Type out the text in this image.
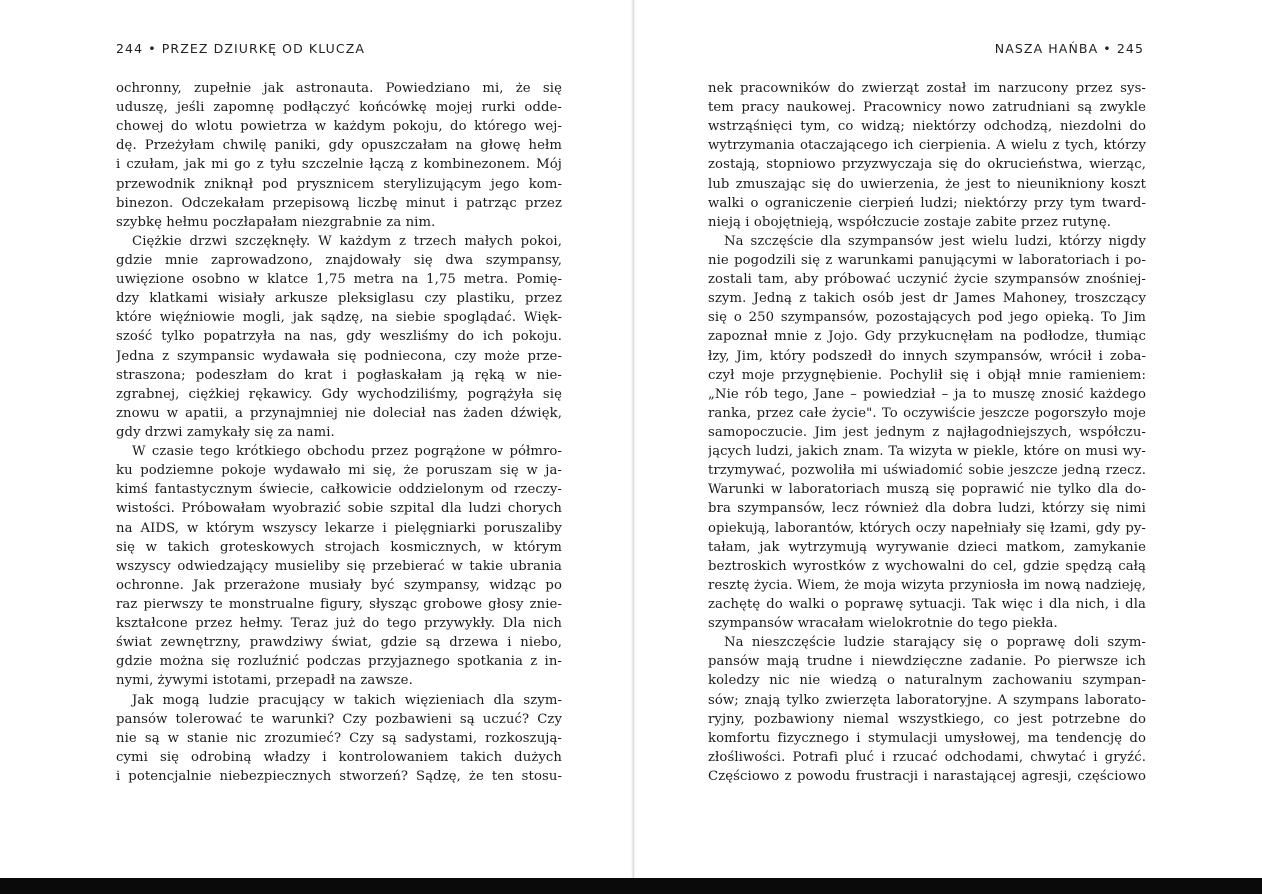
244 • PRZEZ DZIURKĘ OD KLUCZA
ochronny, zupełnie jak astronauta. Powiedziano mi, że się
uduszę, jeśli zapomnę podłączyć końcówkę mojej rurki odde-
chowej do wlotu powietrza w każdym pokoju, do którego wej-
dę. Przeżyłam chwilę paniki, gdy opuszczałam na głowę hełm
i czułam, jak mi go z tyłu szczelnie łączą z kombinezonem. Mój
przewodnik zniknął pod prysznicem sterylizującym jego kom-
binezon. Odczekałam przepisową liczbę minut i patrząc przez
szybkę hełmu poczłapałam niezgrabnie za nim.
Ciężkie drzwi szczęknęły. W każdym z trzech małych pokoi,
gdzie mnie zaprowadzono, znajdowały się dwa szympansy,
uwięzione osobno w klatce 1,75 metra na 1,75 metra. Pomię-
dzy klatkami wisiały arkusze pleksiglasu czy plastiku, przez
które więźniowie mogli, jak sądzę, na siebie spoglądać. Więk-
szość tylko popatrzyła na nas, gdy weszliśmy do ich pokoju.
Jedna z szympansic wydawała się podniecona, czy może prze-
straszona; podeszłam do krat i pogłaskałam ją ręką w nie-
zgrabnej, ciężkiej rękawicy. Gdy wychodziliśmy, pogrążyła się
znowu w apatii, a przynajmniej nie doleciał nas żaden dźwięk,
gdy drzwi zamykały się za nami.
W czasie tego krótkiego obchodu przez pogrążone w półmro-
ku podziemne pokoje wydawało mi się, że poruszam się w ja-
kimś fantastycznym świecie, całkowicie oddzielonym od rzeczy-
wistości. Próbowałam wyobrazić sobie szpital dla ludzi chorych
na AIDS, w którym wszyscy lekarze i pielęgniarki poruszaliby
się w takich groteskowych strojach kosmicznych, w którym
wszyscy odwiedzający musieliby się przebierać w takie ubrania
ochronne. Jak przerażone musiały być szympansy, widząc po
raz pierwszy te monstrualne figury, słysząc grobowe głosy znie-
kształcone przez hełmy. Teraz już do tego przywykły. Dla nich
świat zewnętrzny, prawdziwy świat, gdzie są drzewa i niebo,
gdzie można się rozluźnić podczas przyjaznego spotkania z in-
nymi, żywymi istotami, przepadł na zawsze.
Jak mogą ludzie pracujący w takich więzieniach dla szym-
pansów tolerować te warunki? Czy pozbawieni są uczuć? Czy
nie są w stanie nic zrozumieć? Czy są sadystami, rozkoszują-
cymi się odrobiną władzy i kontrolowaniem takich dużych
i potencjalnie niebezpiecznych stworzeń? Sądzę, że ten stosu-
NASZA HAŃBA • 245
nek pracowników do zwierząt został im narzucony przez sys-
tem pracy naukowej. Pracownicy nowo zatrudniani są zwykle
wstrząśnięci tym, co widzą; niektórzy odchodzą, niezdolni do
wytrzymania otaczającego ich cierpienia. A wielu z tych, którzy
zostają, stopniowo przyzwyczaja się do okrucieństwa, wierząc,
lub zmuszając się do uwierzenia, że jest to nieunikniony koszt
walki o ograniczenie cierpień ludzi; niektórzy przy tym tward-
nieją i obojętnieją, współczucie zostaje zabite przez rutynę.
Na szczęście dla szympansów jest wielu ludzi, którzy nigdy
nie pogodzili się z warunkami panującymi w laboratoriach i po-
zostali tam, aby próbować uczynić życie szympansów znośniej-
szym. Jedną z takich osób jest dr James Mahoney, troszczący
się o 250 szympansów, pozostających pod jego opieką. To Jim
zapoznał mnie z Jojo. Gdy przykucnęłam na podłodze, tłumiąc
łzy, Jim, który podszedł do innych szympansów, wrócił i zoba-
czył moje przygnębienie. Pochylił się i objął mnie ramieniem:
„Nie rób tego, Jane – powiedział – ja to muszę znosić każdego
ranka, przez całe życie". To oczywiście jeszcze pogorszyło moje
samopoczucie. Jim jest jednym z najłagodniejszych, współczu-
jących ludzi, jakich znam. Ta wizyta w piekle, które on musi wy-
trzymywać, pozwoliła mi uświadomić sobie jeszcze jedną rzecz.
Warunki w laboratoriach muszą się poprawić nie tylko dla do-
bra szympansów, lecz również dla dobra ludzi, którzy się nimi
opiekują, laborantów, których oczy napełniały się łzami, gdy py-
tałam, jak wytrzymują wyrywanie dzieci matkom, zamykanie
beztroskich wyrostków z wychowalni do cel, gdzie spędzą całą
resztę życia. Wiem, że moja wizyta przyniosła im nową nadzieję,
zachętę do walki o poprawę sytuacji. Tak więc i dla nich, i dla
szympansów wracałam wielokrotnie do tego piekła.
Na nieszczęście ludzie starający się o poprawę doli szym-
pansów mają trudne i niewdzięczne zadanie. Po pierwsze ich
koledzy nic nie wiedzą o naturalnym zachowaniu szympan-
sów; znają tylko zwierzęta laboratoryjne. A szympans laborato-
ryjny, pozbawiony niemal wszystkiego, co jest potrzebne do
komfortu fizycznego i stymulacji umysłowej, ma tendencję do
złośliwości. Potrafi pluć i rzucać odchodami, chwytać i gryźć.
Częściowo z powodu frustracji i narastającej agresji, częściowo
